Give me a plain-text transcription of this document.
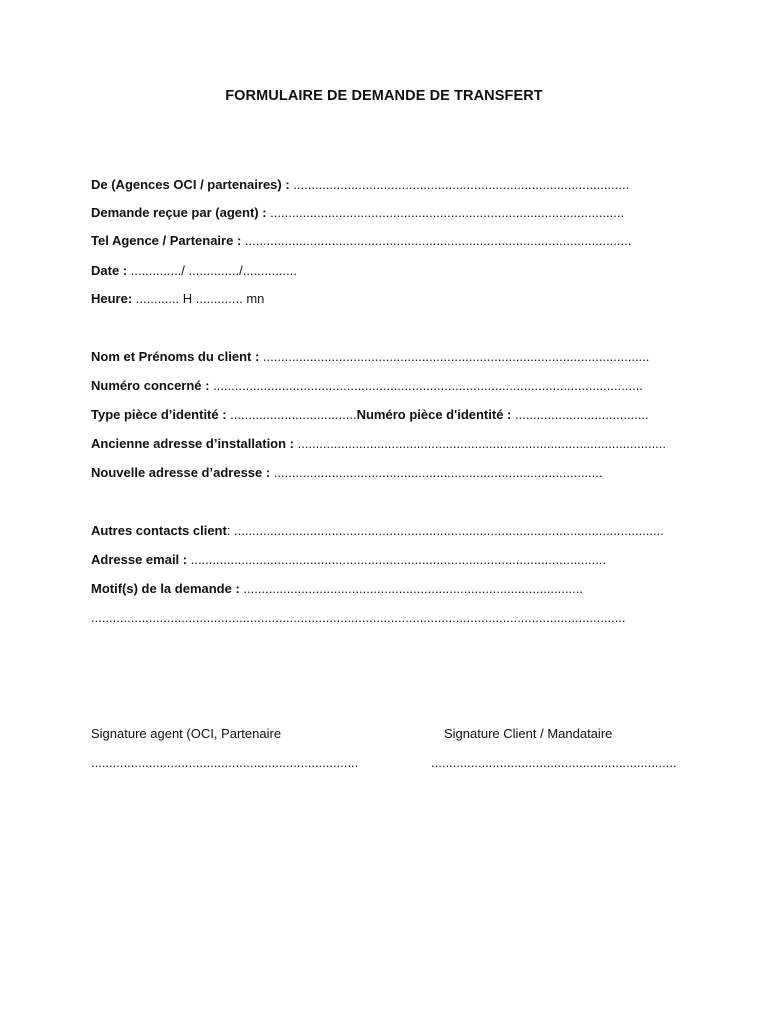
FORMULAIRE DE DEMANDE DE TRANSFERT
De (Agences OCI / partenaires) : .............................................................................................
Demande reçue par (agent) : ..................................................................................................
Tel Agence / Partenaire : ...........................................................................................................
Date : ............../ ............../...............
Heure: ............ H ............. mn
Nom et Prénoms du client : ...........................................................................................................
Numéro concerné : .......................................................................................................................
Type pièce d’identité : ...................................Numéro pièce d'identité : .....................................
Ancienne adresse d’installation : ......................................................................................................
Nouvelle adresse d’adresse : ...........................................................................................
Autres contacts client: .......................................................................................................................
Adresse email : ...................................................................................................................
Motif(s) de la demande : ..............................................................................................
....................................................................................................................................................
Signature agent (OCI, Partenaire	Signature Client / Mandataire
..........................................................................	....................................................................
